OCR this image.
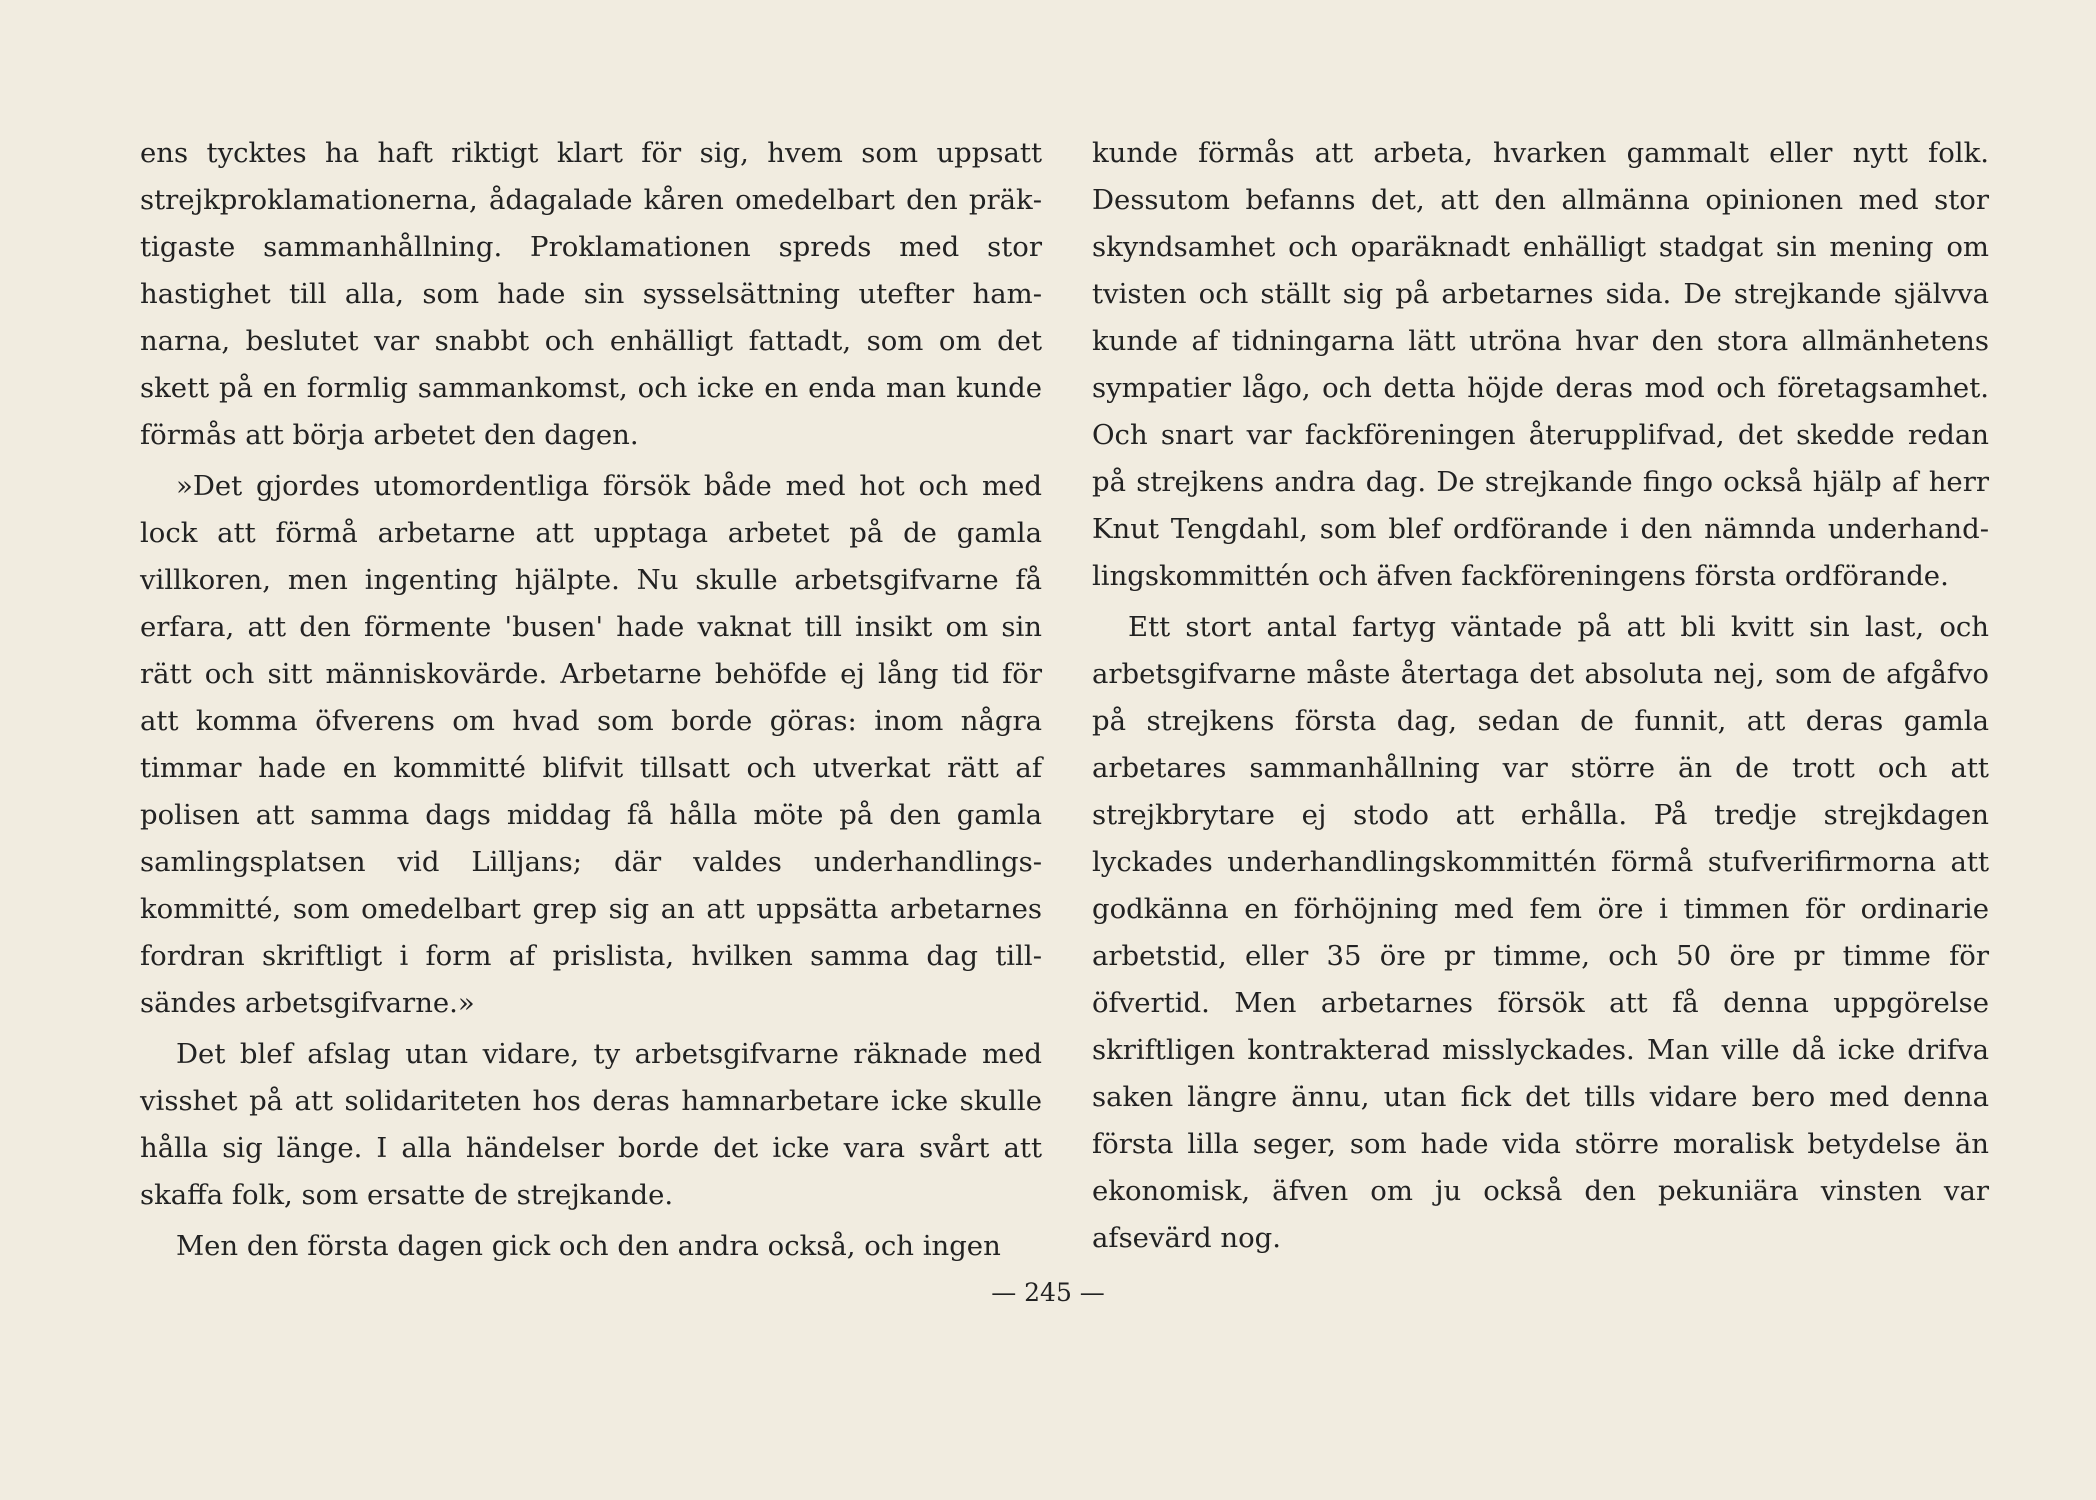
ens tycktes ha haft riktigt klart för sig, hvem som uppsatt strejkproklamationerna, ådagalade kåren omedelbart den präktigaste sammanhållning. Proklamationen spreds med stor hastighet till alla, som hade sin sysselsättning utefter hamnarna, beslutet var snabbt och enhälligt fattadt, som om det skett på en formlig sammankomst, och icke en enda man kunde förmås att börja arbetet den dagen.

»Det gjordes utomordentliga försök både med hot och med lock att förmå arbetarne att upptaga arbetet på de gamla villkoren, men ingenting hjälpte. Nu skulle arbetsgifvarne få erfara, att den förmente 'busen' hade vaknat till insikt om sin rätt och sitt människovärde. Arbetarne behöfde ej lång tid för att komma öfverens om hvad som borde göras: inom några timmar hade en kommitté blifvit tillsatt och utverkat rätt af polisen att samma dags middag få hålla möte på den gamla samlingsplatsen vid Lilljans; där valdes underhandlingskommitté, som omedelbart grep sig an att uppsätta arbetarnes fordran skriftligt i form af prislista, hvilken samma dag tillsändes arbetsgifvarne.»

Det blef afslag utan vidare, ty arbetsgifvarne räknade med visshet på att solidariteten hos deras hamnarbetare icke skulle hålla sig länge. I alla händelser borde det icke vara svårt att skaffa folk, som ersatte de strejkande.

Men den första dagen gick och den andra också, och ingen

kunde förmås att arbeta, hvarken gammalt eller nytt folk. Dessutom befanns det, att den allmänna opinionen med stor skyndsamhet och oparäknadt enhälligt stadgat sin mening om tvisten och ställt sig på arbetarnes sida. De strejkande självva kunde af tidningarna lätt utröna hvar den stora allmänhetens sympatier lågo, och detta höjde deras mod och företagsamhet. Och snart var fackföreningen återupplifvad, det skedde redan på strejkens andra dag. De strejkande fingo också hjälp af herr Knut Tengdahl, som blef ordförande i den nämnda underhandlingskommittén och äfven fackföreningens första ordförande.

Ett stort antal fartyg väntade på att bli kvitt sin last, och arbetsgifvarne måste återtaga det absoluta nej, som de afgåfvo på strejkens första dag, sedan de funnit, att deras gamla arbetares sammanhållning var större än de trott och att strejkbrytare ej stodo att erhålla. På tredje strejkdagen lyckades underhandlingskommittén förmå stufverifirmorna att godkänna en förhöjning med fem öre i timmen för ordinarie arbetstid, eller 35 öre pr timme, och 50 öre pr timme för öfvertid. Men arbetarnes försök att få denna uppgörelse skriftligen kontrakterad misslyckades. Man ville då icke drifva saken längre ännu, utan fick det tills vidare bero med denna första lilla seger, som hade vida större moralisk betydelse än ekonomisk, äfven om ju också den pekuniära vinsten var afsevärd nog.

— 245 —
